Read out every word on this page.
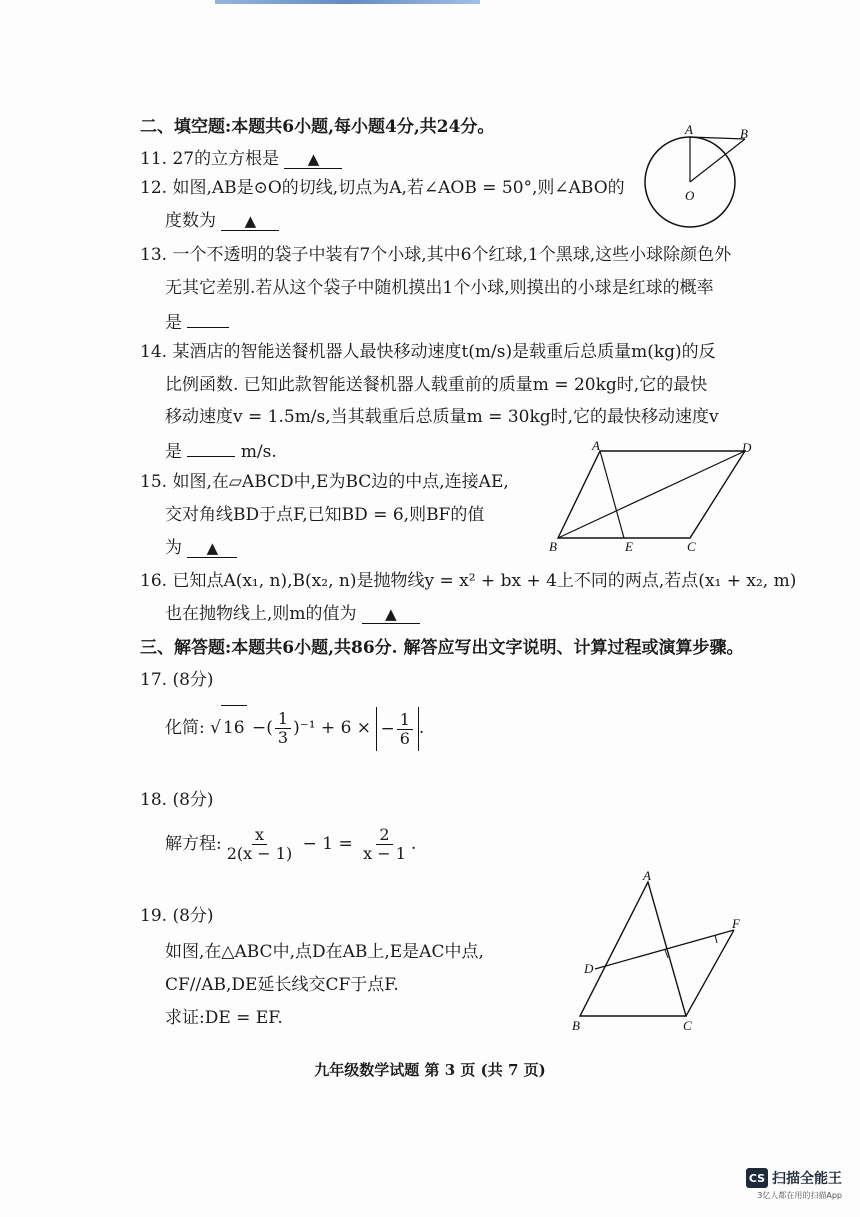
二、填空题:本题共6小题,每小题4分,共24分。
11. 27的立方根是 ▲
12. 如图,AB是⊙O的切线,切点为A,若∠AOB = 50°,则∠ABO的
度数为 ▲
A	B
O
13. 一个不透明的袋子中装有7个小球,其中6个红球,1个黑球,这些小球除颜色外
无其它差别.若从这个袋子中随机摸出1个小球,则摸出的小球是红球的概率
是
14. 某酒店的智能送餐机器人最快移动速度t(m/s)是载重后总质量m(kg)的反
比例函数. 已知此款智能送餐机器人载重前的质量m = 20kg时,它的最快
移动速度v = 1.5m/s,当其载重后总质量m = 30kg时,它的最快移动速度v
是	m/s.
15. 如图,在▱ABCD中,E为BC边的中点,连接AE,
交对角线BD于点F,已知BD = 6,则BF的值
为 ▲
A	D
B	E	C
16. 已知点A(x₁, n),B(x₂, n)是抛物线y = x² + bx + 4上不同的两点,若点(x₁ + x₂, m)
也在抛物线上,则m的值为 ▲
三、解答题:本题共6小题,共86分. 解答应写出文字说明、计算过程或演算步骤。
17. (8分)
化简: √ 16 −( $\frac{1}{3} )^{-1} + 6$ × − $\frac{1}{6}$ .
18. (8分)
解方程: $\frac{x}{2(x - 1)} - 1 = \frac{2}{x - 1}$ .
19. (8分)
如图,在△ABC中,点D在AB上,E是AC中点,
CF//AB,DE延长线交CF于点F.
求证:DE = EF.
A
D
F
B	C
九年级数学试题 第 3 页 (共 7 页)
CS 扫描全能王
3亿人都在用的扫描App
